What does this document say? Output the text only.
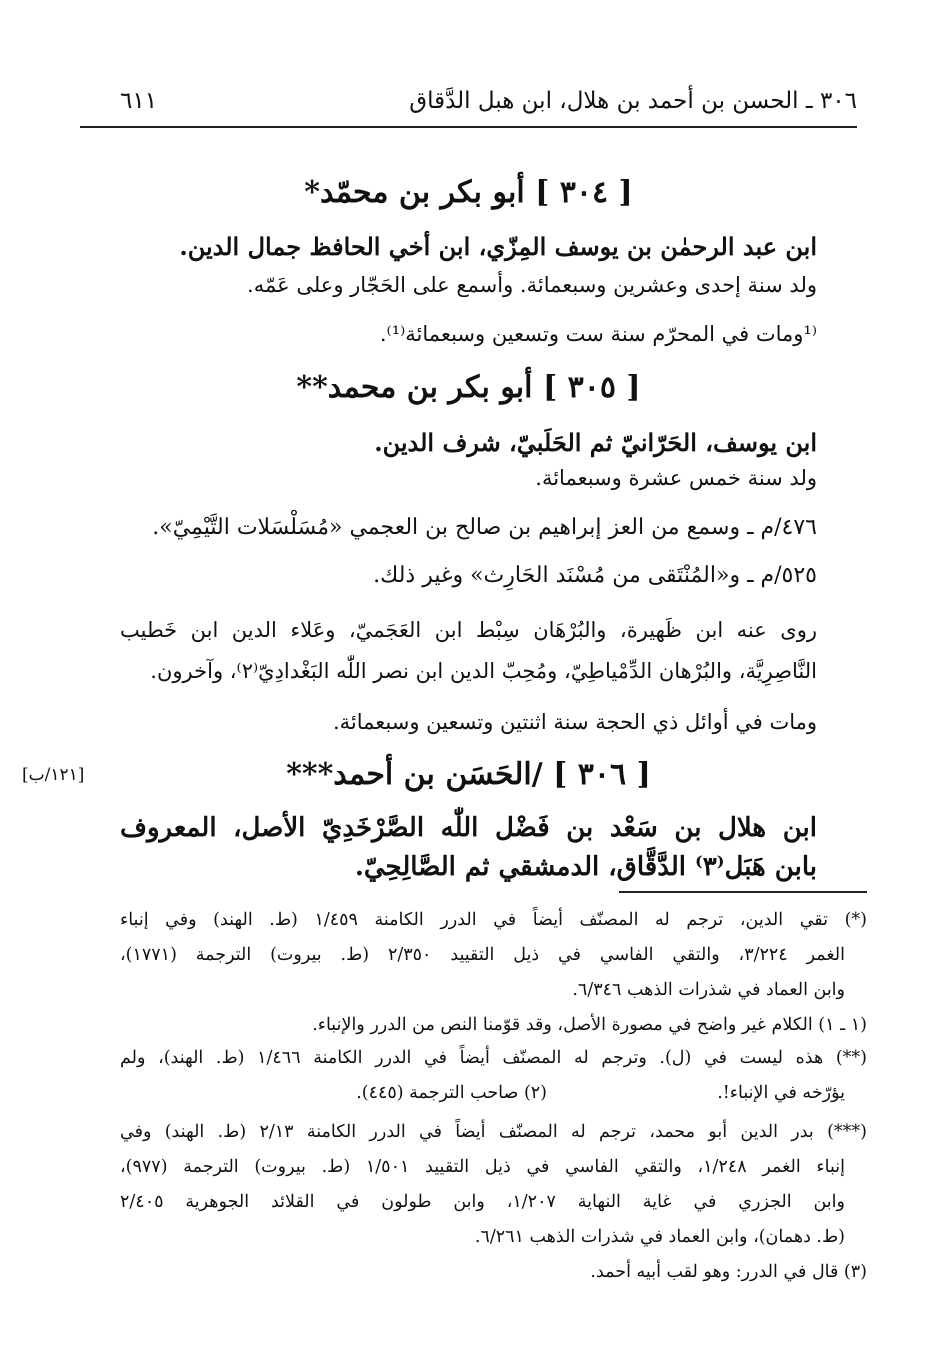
٣٠٦ ـ الحسن بن أحمد بن هلال، ابن هبل الدَّقاق
٦١١
[ ٣٠٤ ] أبو بكر بن محمّد*
ابن عبد الرحمٰن بن يوسف المِزّي، ابن أخي الحافظ جمال الدين.
ولد سنة إحدى وعشرين وسبعمائة. وأسمع على الحَجّار وعلى عَمّه.
⁽¹ومات في المحرّم سنة ست وتسعين وسبعمائة⁽¹⁾.
[ ٣٠٥ ] أبو بكر بن محمد**
ابن يوسف، الحَرّانيّ ثم الحَلَبيّ، شرف الدين.
ولد سنة خمس عشرة وسبعمائة.
٤٧٦/م ـ وسمع من العز إبراهيم بن صالح بن العجمي «مُسَلْسَلات التَّيْمِيّ».
٥٢٥/م ـ و«المُنْتَقى من مُسْنَد الحَارِث» وغير ذلك.
روى عنه ابن ظَهيرة، والبُرْهَان سِبْط ابن العَجَميّ، وعَلاء الدين ابن خَطيب
النَّاصِرِيَّة، والبُرْهان الدِّمْياطِيّ، ومُحِبّ الدين ابن نصر اللّٰه البَغْدادِيّ⁽٢⁾، وآخرون.
ومات في أوائل ذي الحجة سنة اثنتين وتسعين وسبعمائة.
[ ٣٠٦ ] /الحَسَن بن أحمد***
[١٢١/ب]
ابن هلال بن سَعْد بن فَضْل اللّٰه الصَّرْخَدِيّ الأصل، المعروف
بابن هَبَل⁽٣⁾ الدَّقَّاق، الدمشقي ثم الصَّالِحِيّ.
(*) تقي الدين، ترجم له المصنّف أيضاً في الدرر الكامنة ١/٤٥٩ (ط. الهند) وفي إنباء
الغمر ٣/٢٢٤، والتقي الفاسي في ذيل التقييد ٢/٣٥٠ (ط. بيروت) الترجمة (١٧٧١)،
وابن العماد في شذرات الذهب ٦/٣٤٦.
(١ ـ ١) الكلام غير واضح في مصورة الأصل، وقد قوّمنا النص من الدرر والإنباء.
(**) هذه ليست في (ل). وترجم له المصنّف أيضاً في الدرر الكامنة ١/٤٦٦ (ط. الهند)، ولم
يؤرّخه في الإنباء!.
(٢) صاحب الترجمة (٤٤٥).
(***) بدر الدين أبو محمد، ترجم له المصنّف أيضاً في الدرر الكامنة ٢/١٣ (ط. الهند) وفي
إنباء الغمر ١/٢٤٨، والتقي الفاسي في ذيل التقييد ١/٥٠١ (ط. بيروت) الترجمة (٩٧٧)،
وابن الجزري في غاية النهاية ١/٢٠٧، وابن طولون في القلائد الجوهرية ٢/٤٠٥
(ط. دهمان)، وابن العماد في شذرات الذهب ٦/٢٦١.
(٣) قال في الدرر: وهو لقب أبيه أحمد.
